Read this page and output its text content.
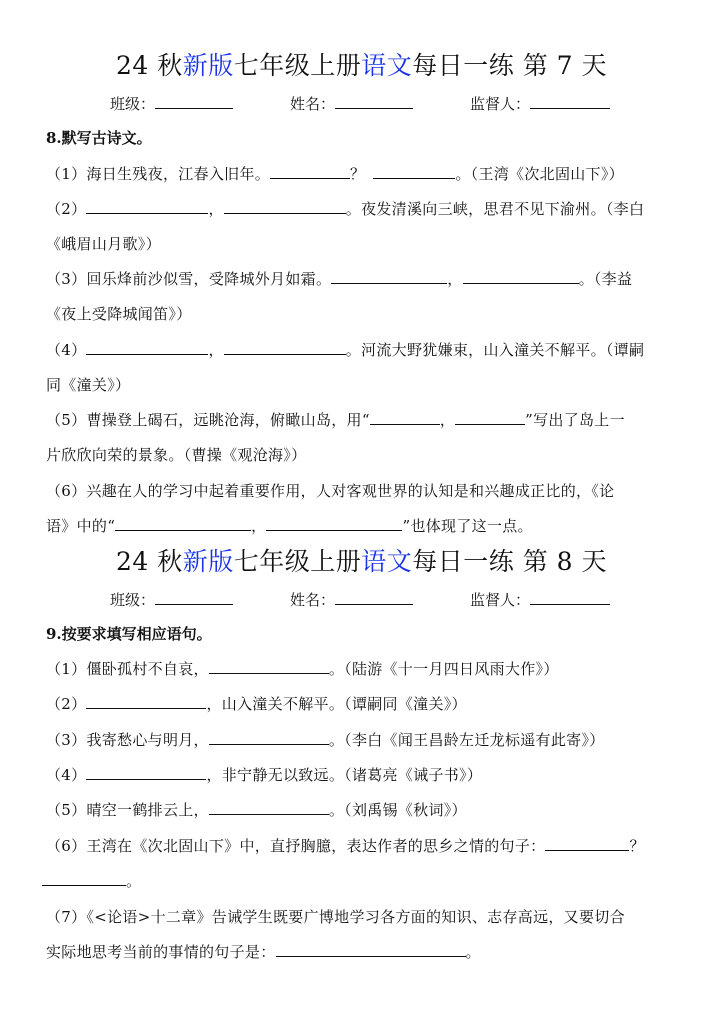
24 秋新版七年级上册语文每日一练 第 7 天
班级：	姓名：	监督人：
8.默写古诗文。
（1）海日生残夜，江春入旧年。	？	。（王湾《次北固山下》）
（2）	，	。夜发清溪向三峡，思君不见下渝州。（李白
《峨眉山月歌》）
（3）回乐烽前沙似雪，受降城外月如霜。	，	。（李益
《夜上受降城闻笛》）
（4）	，	。河流大野犹嫌束，山入潼关不解平。（谭嗣
同《潼关》）
（5）曹操登上碣石，远眺沧海，俯瞰山岛，用“	，	”写出了岛上一
片欣欣向荣的景象。（曹操《观沧海》）
（6）兴趣在人的学习中起着重要作用，人对客观世界的认知是和兴趣成正比的，《论
语》中的“	，	”也体现了这一点。
24 秋新版七年级上册语文每日一练 第 8 天
班级：	姓名：	监督人：
9.按要求填写相应语句。
（1）僵卧孤村不自哀，	。（陆游《十一月四日风雨大作》）
（2）	，山入潼关不解平。（谭嗣同《潼关》）
（3）我寄愁心与明月，	。（李白《闻王昌龄左迁龙标遥有此寄》）
（4）	，非宁静无以致远。（诸葛亮《诫子书》）
（5）晴空一鹤排云上，	。（刘禹锡《秋词》）
（6）王湾在《次北固山下》中，直抒胸臆，表达作者的思乡之情的句子：	？
。
（7）《<论语>十二章》告诫学生既要广博地学习各方面的知识、志存高远，又要切合
实际地思考当前的事情的句子是：	。
